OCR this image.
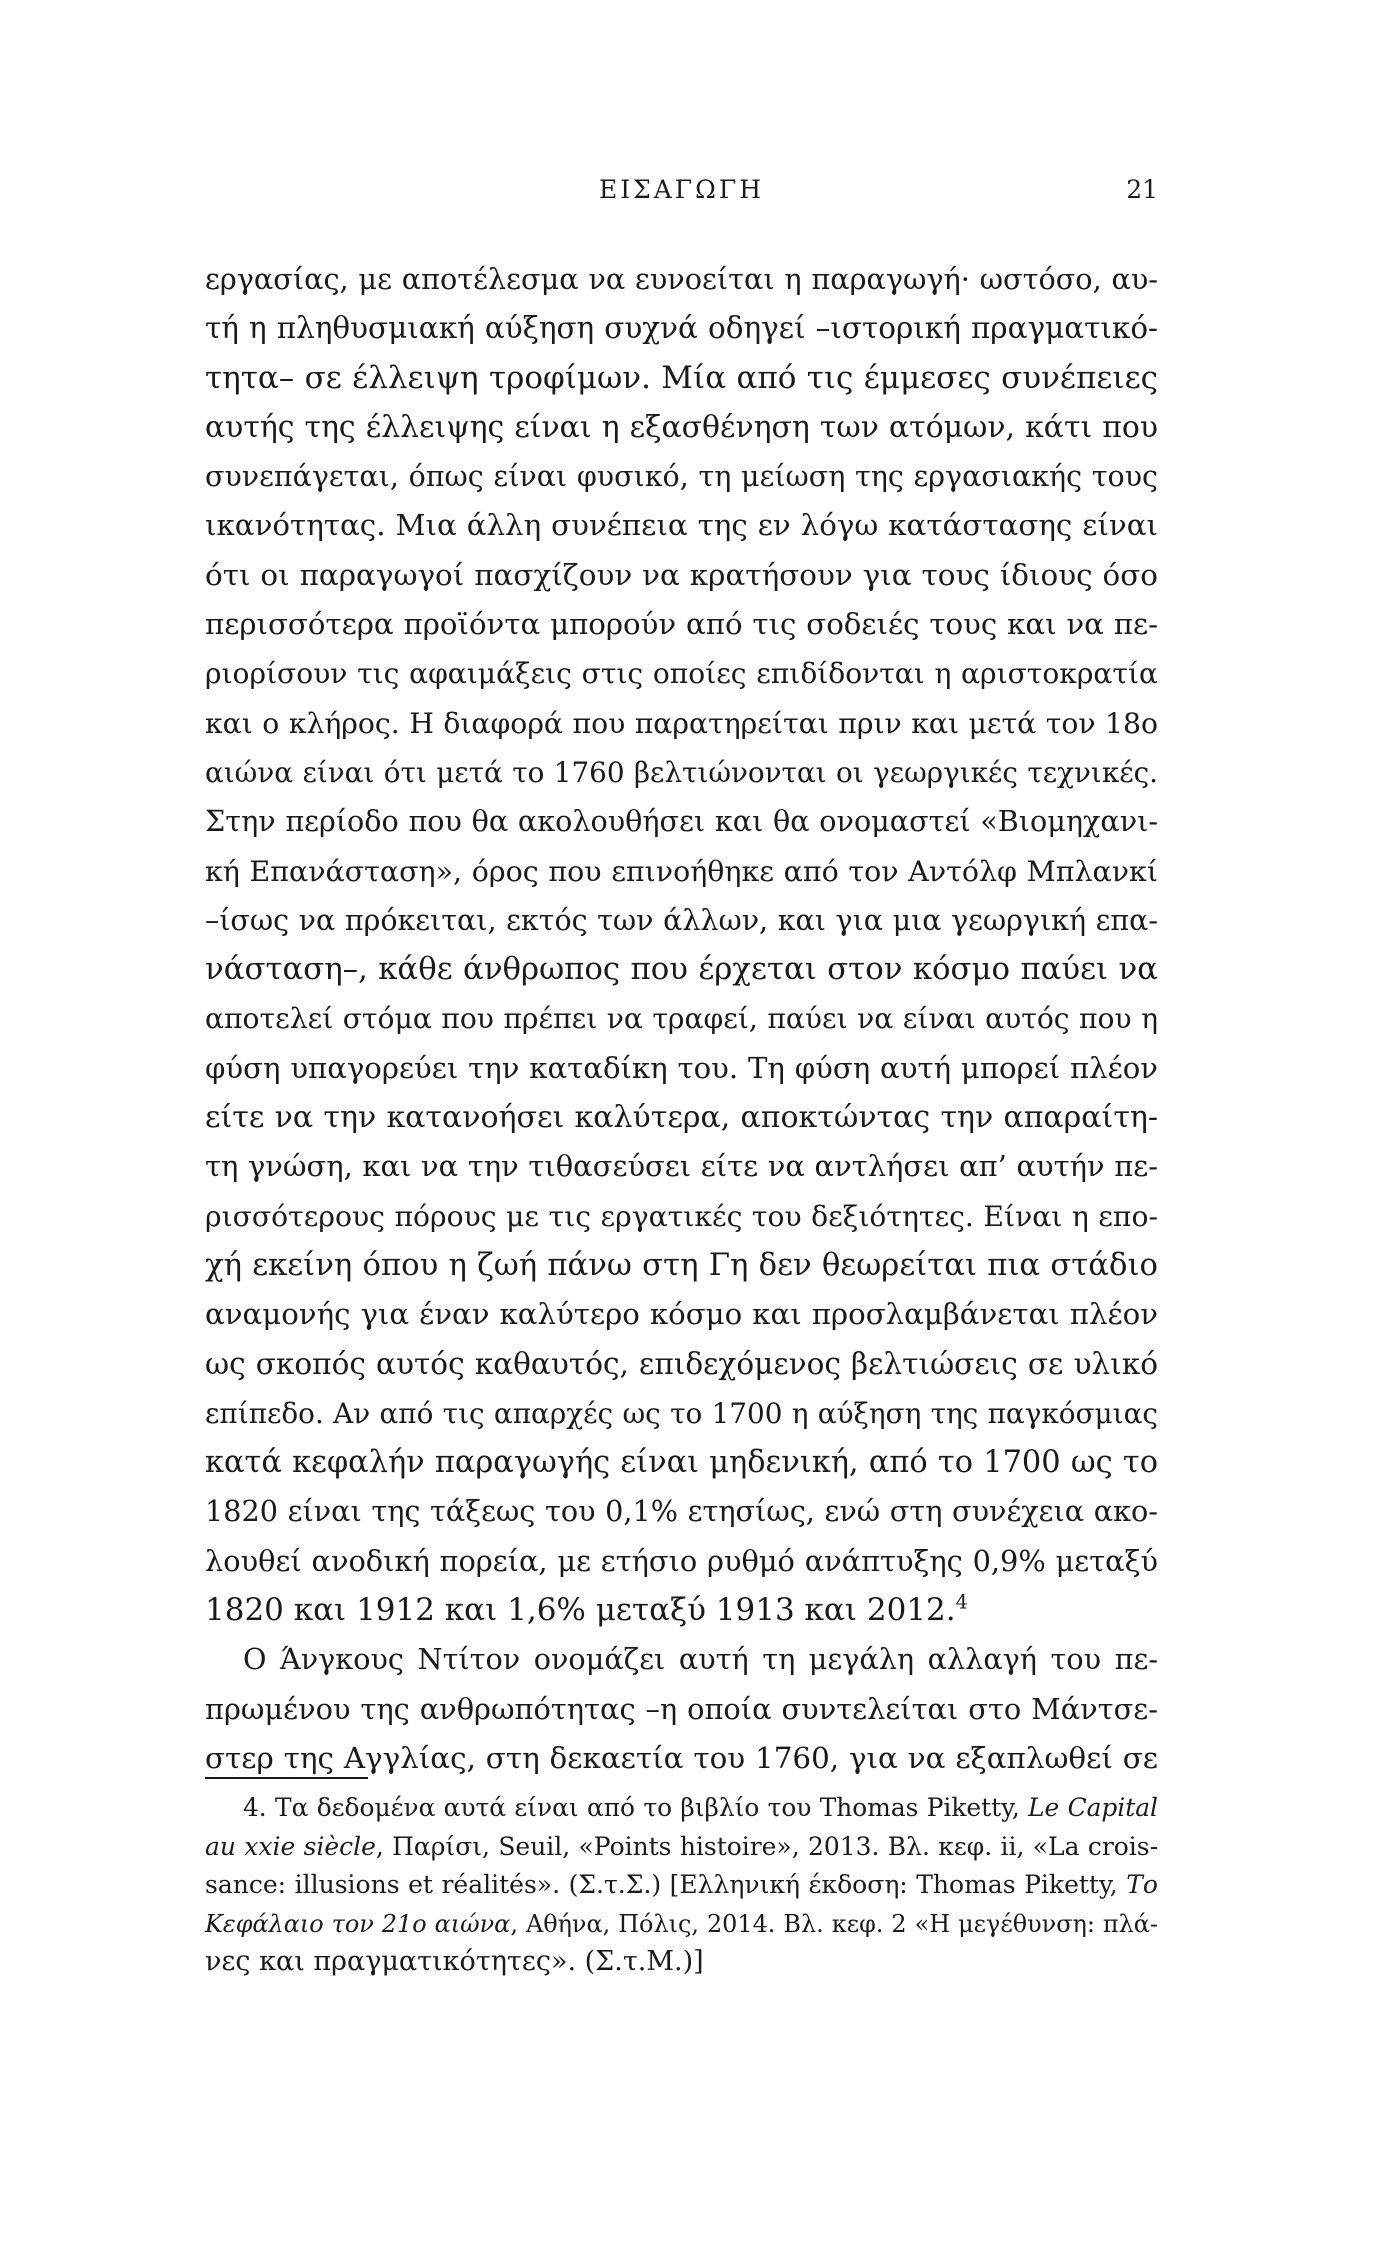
ΕΙΣΑΓΩΓΗ	21

εργασίας, με αποτέλεσμα να ευνοείται η παραγωγή· ωστόσο, αυ-
τή η πληθυσμιακή αύξηση συχνά οδηγεί –ιστορική πραγματικό-
τητα– σε έλλειψη τροφίμων. Μία από τις έμμεσες συνέπειες
αυτής της έλλειψης είναι η εξασθένηση των ατόμων, κάτι που
συνεπάγεται, όπως είναι φυσικό, τη μείωση της εργασιακής τους
ικανότητας. Μια άλλη συνέπεια της εν λόγω κατάστασης είναι
ότι οι παραγωγοί πασχίζουν να κρατήσουν για τους ίδιους όσο
περισσότερα προϊόντα μπορούν από τις σοδειές τους και να πε-
ριορίσουν τις αφαιμάξεις στις οποίες επιδίδονται η αριστοκρατία
και ο κλήρος. Η διαφορά που παρατηρείται πριν και μετά τον 18ο
αιώνα είναι ότι μετά το 1760 βελτιώνονται οι γεωργικές τεχνικές.
Στην περίοδο που θα ακολουθήσει και θα ονομαστεί «Βιομηχανι-
κή Επανάσταση», όρος που επινοήθηκε από τον Αντόλφ Μπλανκί
–ίσως να πρόκειται, εκτός των άλλων, και για μια γεωργική επα-
νάσταση–, κάθε άνθρωπος που έρχεται στον κόσμο παύει να
αποτελεί στόμα που πρέπει να τραφεί, παύει να είναι αυτός που η
φύση υπαγορεύει την καταδίκη του. Τη φύση αυτή μπορεί πλέον
είτε να την κατανοήσει καλύτερα, αποκτώντας την απαραίτη-
τη γνώση, και να την τιθασεύσει είτε να αντλήσει απ’ αυτήν πε-
ρισσότερους πόρους με τις εργατικές του δεξιότητες. Είναι η επο-
χή εκείνη όπου η ζωή πάνω στη Γη δεν θεωρείται πια στάδιο
αναμονής για έναν καλύτερο κόσμο και προσλαμβάνεται πλέον
ως σκοπός αυτός καθαυτός, επιδεχόμενος βελτιώσεις σε υλικό
επίπεδο. Αν από τις απαρχές ως το 1700 η αύξηση της παγκόσμιας
κατά κεφαλήν παραγωγής είναι μηδενική, από το 1700 ως το
1820 είναι της τάξεως του 0,1% ετησίως, ενώ στη συνέχεια ακο-
λουθεί ανοδική πορεία, με ετήσιο ρυθμό ανάπτυξης 0,9% μεταξύ
1820 και 1912 και 1,6% μεταξύ 1913 και 2012.$^4$

Ο Άνγκους Ντίτον ονομάζει αυτή τη μεγάλη αλλαγή του πε-
πρωμένου της ανθρωπότητας –η οποία συντελείται στο Μάντσε-
στερ της Αγγλίας, στη δεκαετία του 1760, για να εξαπλωθεί σε

4. Τα δεδομένα αυτά είναι από το βιβλίο του Thomas Piketty, Le Capital
au xxie siècle, Παρίσι, Seuil, «Points histoire», 2013. Βλ. κεφ. ii, «La crois-
sance: illusions et réalités». (Σ.τ.Σ.) [Ελληνική έκδοση: Thomas Piketty, Το
Κεφάλαιο τον 21ο αιώνα, Αθήνα, Πόλις, 2014. Βλ. κεφ. 2 «Η μεγέθυνση: πλά-
νες και πραγματικότητες». (Σ.τ.Μ.)]
